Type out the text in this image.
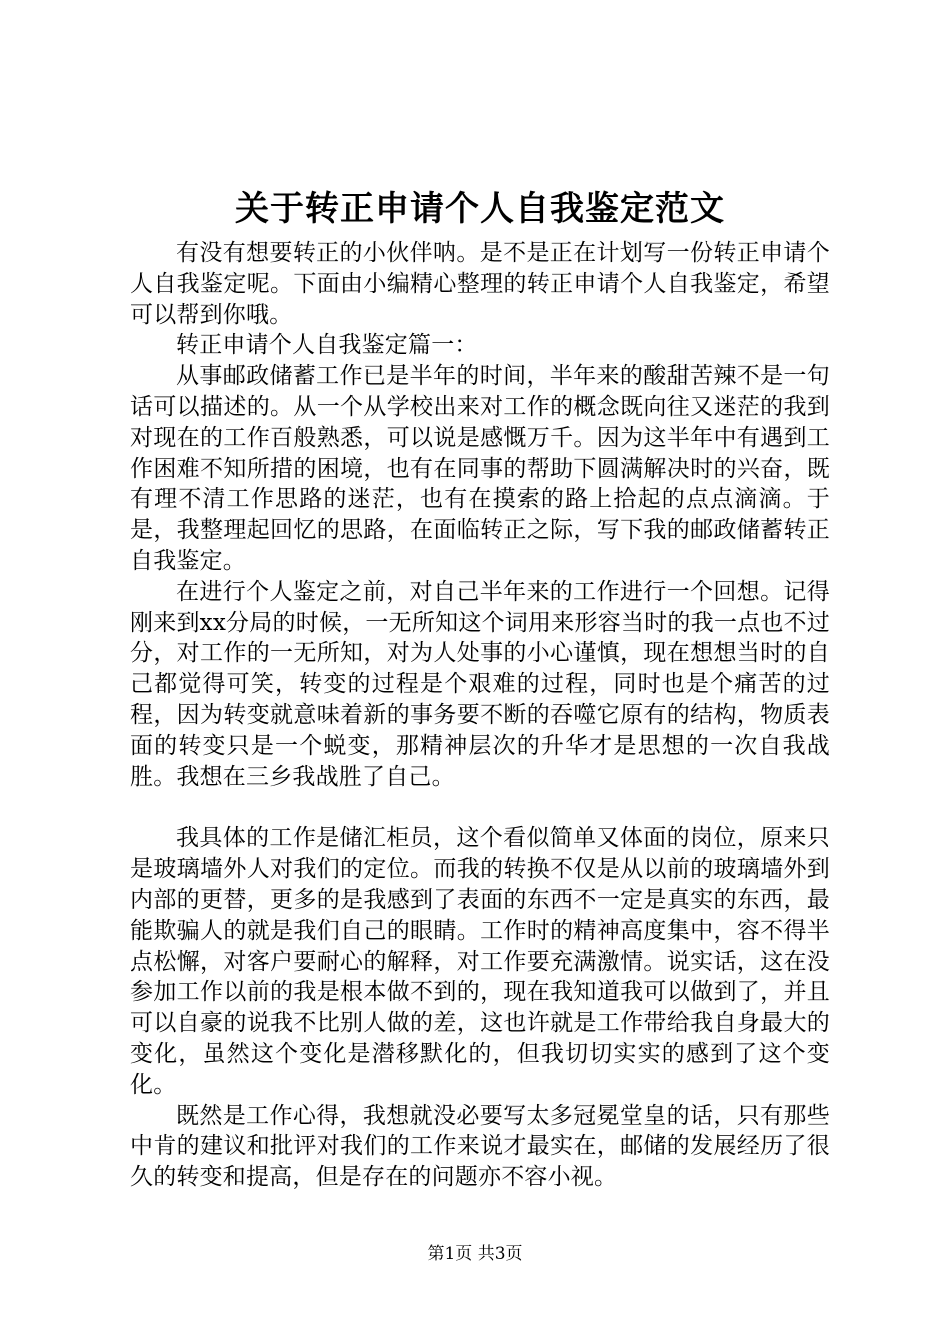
关于转正申请个人自我鉴定范文

有没有想要转正的小伙伴呐。是不是正在计划写一份转正申请个人自我鉴定呢。下面由小编精心整理的转正申请个人自我鉴定，希望可以帮到你哦。

转正申请个人自我鉴定篇一：

从事邮政储蓄工作已是半年的时间，半年来的酸甜苦辣不是一句话可以描述的。从一个从学校出来对工作的概念既向往又迷茫的我到对现在的工作百般熟悉，可以说是感慨万千。因为这半年中有遇到工作困难不知所措的困境，也有在同事的帮助下圆满解决时的兴奋，既有理不清工作思路的迷茫，也有在摸索的路上拾起的点点滴滴。于是，我整理起回忆的思路，在面临转正之际，写下我的邮政储蓄转正自我鉴定。

在进行个人鉴定之前，对自己半年来的工作进行一个回想。记得刚来到xx分局的时候，一无所知这个词用来形容当时的我一点也不过分，对工作的一无所知，对为人处事的小心谨慎，现在想想当时的自己都觉得可笑，转变的过程是个艰难的过程，同时也是个痛苦的过程，因为转变就意味着新的事务要不断的吞噬它原有的结构，物质表面的转变只是一个蜕变，那精神层次的升华才是思想的一次自我战胜。我想在三乡我战胜了自己。

我具体的工作是储汇柜员，这个看似简单又体面的岗位，原来只是玻璃墙外人对我们的定位。而我的转换不仅是从以前的玻璃墙外到内部的更替，更多的是我感到了表面的东西不一定是真实的东西，最能欺骗人的就是我们自己的眼睛。工作时的精神高度集中，容不得半点松懈，对客户要耐心的解释，对工作要充满激情。说实话，这在没参加工作以前的我是根本做不到的，现在我知道我可以做到了，并且可以自豪的说我不比别人做的差，这也许就是工作带给我自身最大的变化，虽然这个变化是潜移默化的，但我切切实实的感到了这个变化。

既然是工作心得，我想就没必要写太多冠冕堂皇的话，只有那些中肯的建议和批评对我们的工作来说才最实在，邮储的发展经历了很久的转变和提高，但是存在的问题亦不容小视。

第1页 共3页
